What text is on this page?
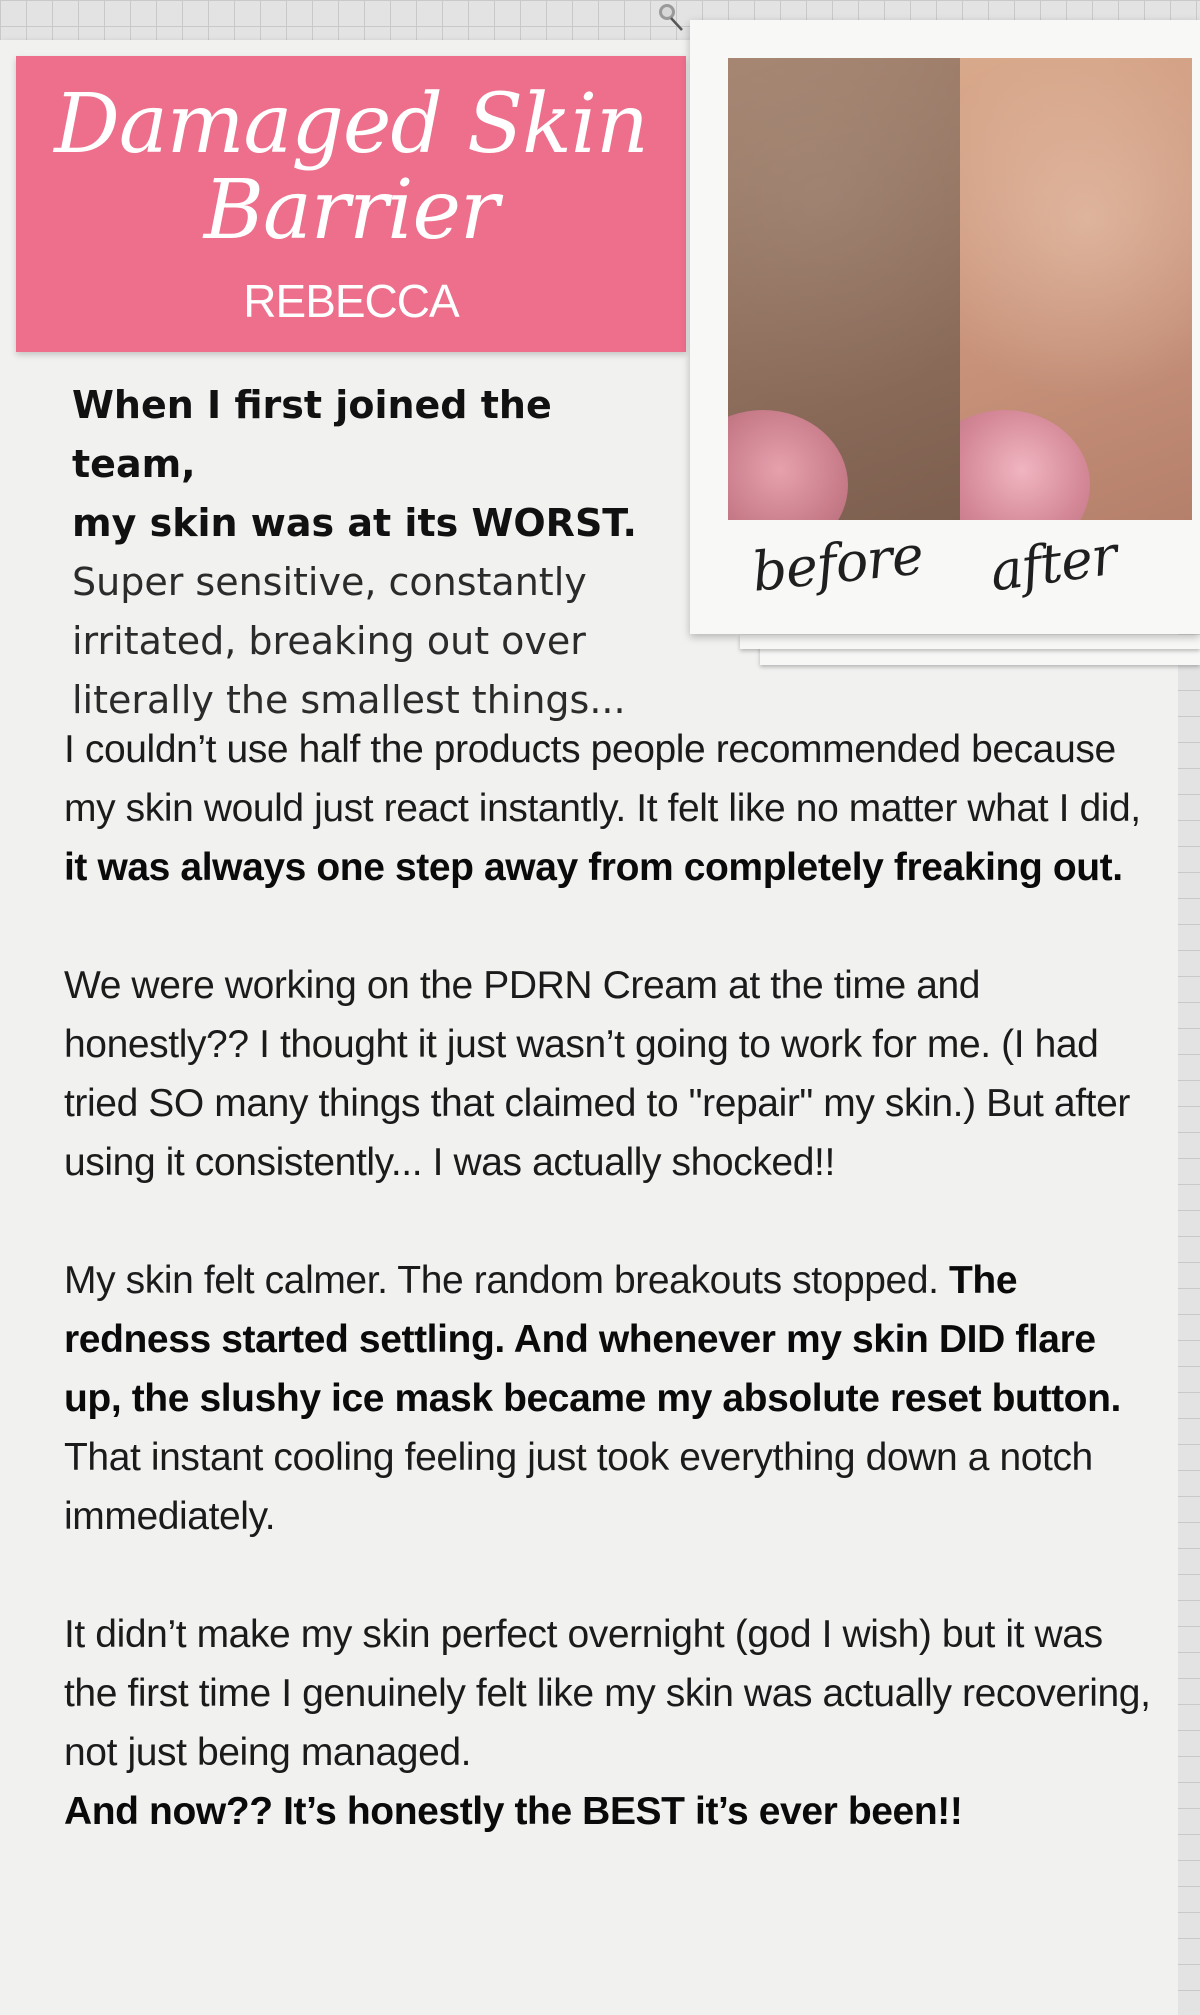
Damaged Skin
Barrier
REBECCA
before after
When I first joined the team,
my skin was at its WORST.
Super sensitive, constantly irritated, breaking out over literally the smallest things...

I couldn’t use half the products people recommended because my skin would just react instantly. It felt like no matter what I did, it was always one step away from completely freaking out.

We were working on the PDRN Cream at the time and honestly?? I thought it just wasn’t going to work for me. (I had tried SO many things that claimed to "repair" my skin.) But after using it consistently... I was actually shocked!!

My skin felt calmer. The random breakouts stopped. The redness started settling. And whenever my skin DID flare up, the slushy ice mask became my absolute reset button. That instant cooling feeling just took everything down a notch immediately.

It didn’t make my skin perfect overnight (god I wish) but it was the first time I genuinely felt like my skin was actually recovering, not just being managed.
And now?? It’s honestly the BEST it’s ever been!!
